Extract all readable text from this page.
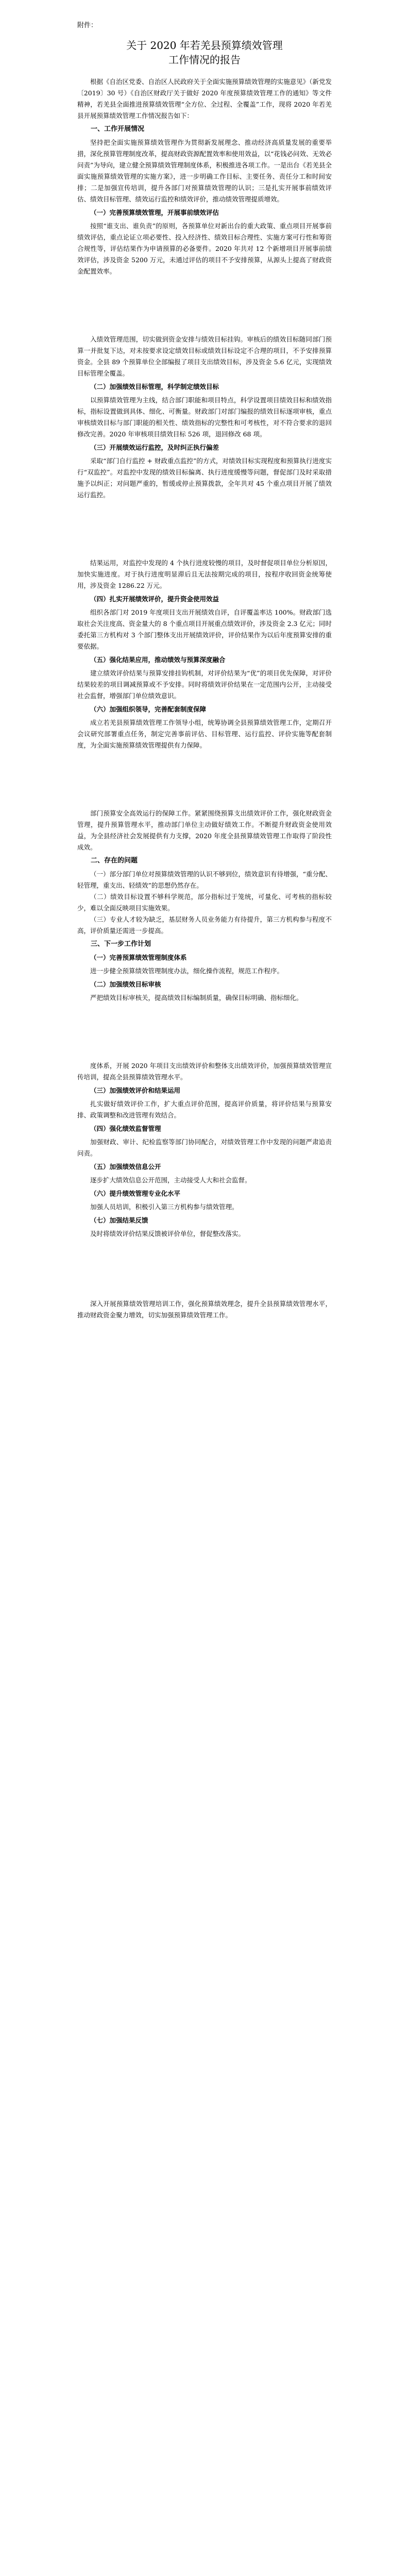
附件：

关于 2020 年若羌县预算绩效管理
工作情况的报告

根据《自治区党委、自治区人民政府关于全面实施预算绩效管理的实施意见》（新党发〔2019〕30 号）《自治区财政厅关于做好 2020 年度预算绩效管理工作的通知》等文件精神，若羌县全面推进预算绩效管理“全方位、全过程、全覆盖”工作，现将 2020 年若羌县开展预算绩效管理工作情况报告如下：

一、工作开展情况

坚持把全面实施预算绩效管理作为贯彻新发展理念、推动经济高质量发展的重要举措，深化预算管理制度改革，提高财政资源配置效率和使用效益，以“花钱必问效、无效必问责”为导向，建立健全预算绩效管理制度体系，积极推进各项工作。一是出台《若羌县全面实施预算绩效管理的实施方案》，进一步明确工作目标、主要任务、责任分工和时间安排；二是加强宣传培训，提升各部门对预算绩效管理的认识；三是扎实开展事前绩效评估、绩效目标管理、绩效运行监控和绩效评价，推动绩效管理提质增效。

（一）完善预算绩效管理，开展事前绩效评估

按照“谁支出、谁负责”的原则，各预算单位对新出台的重大政策、重点项目开展事前绩效评估，重点论证立项必要性、投入经济性、绩效目标合理性、实施方案可行性和筹资合规性等，评估结果作为申请预算的必备要件。2020 年共对 12 个新增项目开展事前绩效评估，涉及资金 5200 万元，未通过评估的项目不予安排预算，从源头上提高了财政资金配置效率。

入绩效管理范围，切实做到资金安排与绩效目标挂钩。审核后的绩效目标随同部门预算一并批复下达，对未按要求设定绩效目标或绩效目标设定不合理的项目，不予安排预算资金。全县 89 个预算单位全部编报了项目支出绩效目标，涉及资金 5.6 亿元，实现绩效目标管理全覆盖。

（二）加强绩效目标管理，科学制定绩效目标

以预算绩效管理为主线，结合部门职能和项目特点，科学设置项目绩效目标和绩效指标，指标设置做到具体、细化、可衡量。财政部门对部门编报的绩效目标逐项审核，重点审核绩效目标与部门职能的相关性、绩效指标的完整性和可考核性，对不符合要求的退回修改完善。2020 年审核项目绩效目标 526 项，退回修改 68 项。

（三）开展绩效运行监控，及时纠正执行偏差

采取“部门自行监控 + 财政重点监控”的方式，对绩效目标实现程度和预算执行进度实行“双监控”。对监控中发现的绩效目标偏离、执行进度缓慢等问题，督促部门及时采取措施予以纠正；对问题严重的，暂缓或停止预算拨款，全年共对 45 个重点项目开展了绩效运行监控。

结果运用，对监控中发现的 4 个执行进度较慢的项目，及时督促项目单位分析原因，加快实施进度。对于执行进度明显滞后且无法按期完成的项目，按程序收回资金统筹使用，涉及资金 1286.22 万元。

（四）扎实开展绩效评价，提升资金使用效益

组织各部门对 2019 年度项目支出开展绩效自评，自评覆盖率达 100%。财政部门选取社会关注度高、资金量大的 8 个重点项目开展重点绩效评价，涉及资金 2.3 亿元；同时委托第三方机构对 3 个部门整体支出开展绩效评价，评价结果作为以后年度预算安排的重要依据。

（五）强化结果应用，推动绩效与预算深度融合

建立绩效评价结果与预算安排挂钩机制，对评价结果为“优”的项目优先保障，对评价结果较差的项目调减预算或不予安排。同时将绩效评价结果在一定范围内公开，主动接受社会监督，增强部门单位绩效意识。

（六）加强组织领导，完善配套制度保障

成立若羌县预算绩效管理工作领导小组，统筹协调全县预算绩效管理工作，定期召开会议研究部署重点任务，制定完善事前评估、目标管理、运行监控、评价实施等配套制度，为全面实施预算绩效管理提供有力保障。

部门预算安全高效运行的保障工作。紧紧围绕预算支出绩效评价工作，强化财政资金管理，提升预算管理水平，推动部门单位主动做好绩效工作。不断提升财政资金使用效益，为全县经济社会发展提供有力支撑，2020 年度全县预算绩效管理工作取得了阶段性成效。

二、存在的问题

（一）部分部门单位对预算绩效管理的认识不够到位，绩效意识有待增强，“重分配、轻管理，重支出、轻绩效”的思想仍然存在。

（二）绩效目标设置不够科学规范，部分指标过于笼统，可量化、可考核的指标较少，难以全面反映项目实施效果。

（三）专业人才较为缺乏，基层财务人员业务能力有待提升，第三方机构参与程度不高，评价质量还需进一步提高。

三、下一步工作计划

（一）完善预算绩效管理制度体系

进一步健全预算绩效管理制度办法，细化操作流程，规范工作程序。

（二）加强绩效目标审核

严把绩效目标审核关，提高绩效目标编制质量，确保目标明确、指标细化。

度体系，开展 2020 年项目支出绩效评价和整体支出绩效评价，加强预算绩效管理宣传培训，提高全县预算绩效管理水平。

（三）加强绩效评价和结果运用

扎实做好绩效评价工作，扩大重点评价范围，提高评价质量，将评价结果与预算安排、政策调整和改进管理有效结合。

（四）强化绩效监督管理

加强财政、审计、纪检监察等部门协同配合，对绩效管理工作中发现的问题严肃追责问责。

（五）加强绩效信息公开

逐步扩大绩效信息公开范围，主动接受人大和社会监督。

（六）提升绩效管理专业化水平

加强人员培训，积极引入第三方机构参与绩效管理。

（七）加强结果反馈

及时将绩效评价结果反馈被评价单位，督促整改落实。

深入开展预算绩效管理培训工作，强化预算绩效理念，提升全县预算绩效管理水平，推动财政资金聚力增效，切实加强预算绩效管理工作。
